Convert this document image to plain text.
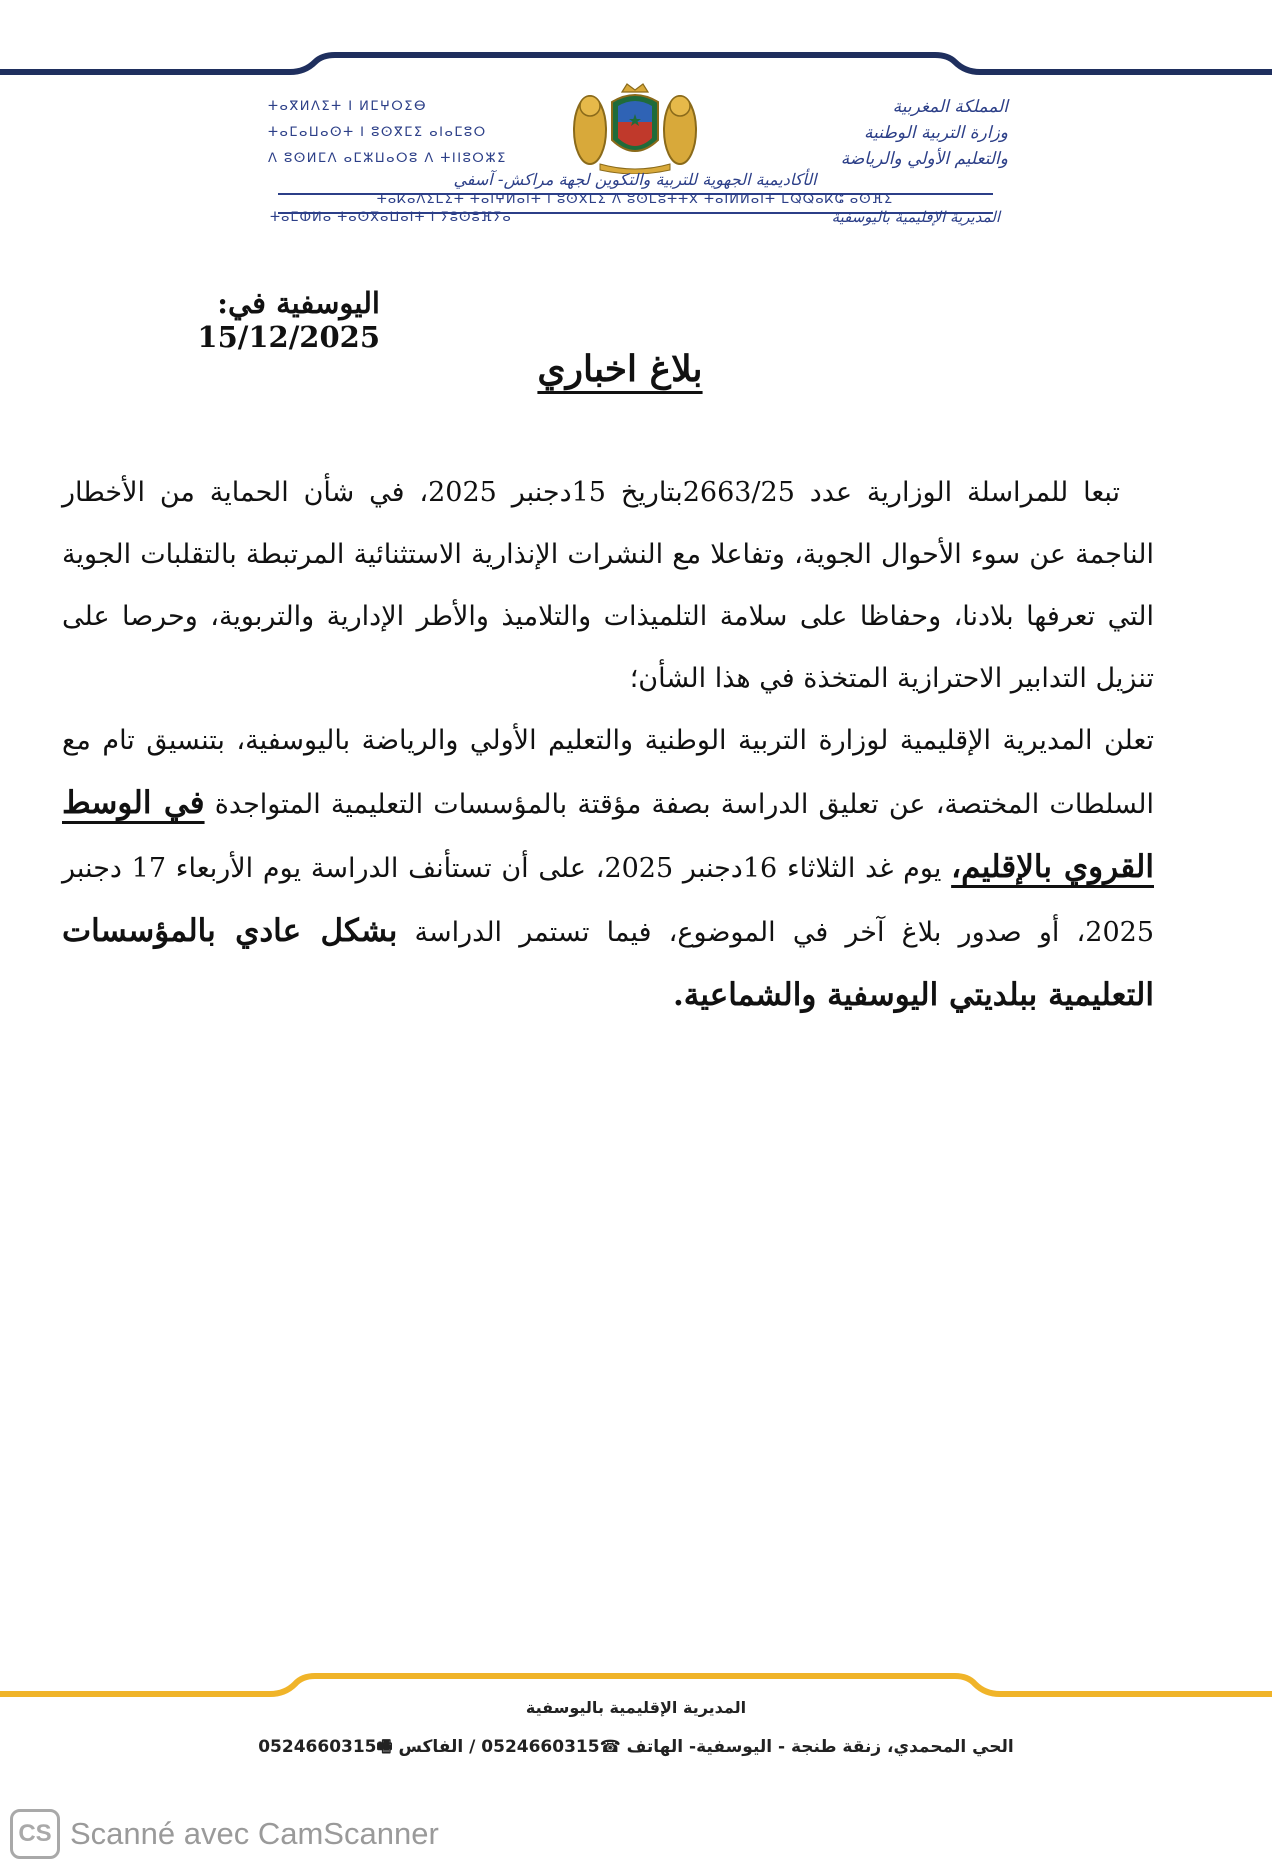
ⵜⴰⴳⵍⴷⵉⵜ ⵏ ⵍⵎⵖⵔⵉⴱ
ⵜⴰⵎⴰⵡⴰⵙⵜ ⵏ ⵓⵙⴳⵎⵉ ⴰⵏⴰⵎⵓⵔ
ⴷ ⵓⵙⵍⵎⴷ ⴰⵎⵣⵡⴰⵔⵓ ⴷ ⵜⵏⵏⵓⵔⵣⵉ
المملكة المغربية
وزارة التربية الوطنية
والتعليم الأولي والرياضة
الأكاديمية الجهوية للتربية والتكوين لجهة مراكش- آسفي
ⵜⴰⴽⴰⴷⵉⵎⵉⵜ ⵜⴰⵏⵖⵍⴰⵏⵜ ⵏ ⵓⵙⴳⵎⵉ ⴷ ⵓⵙⵎⵓⵜⵜⴳ ⵜⴰⵏⵍⵍⴰⵏⵜ ⵎⵕⵕⴰⴽⵛ ⴰⵙⴼⵉ
ⵜⴰⵎⵀⵍⴰ ⵜⴰⵙⴳⴰⵡⴰⵏⵜ ⵏ ⵢⵓⵙⵓⴼⵢⴰ	المديرية الإقليمية باليوسفية
اليوسفية في: 15/12/2025
بلاغ اخباري

تبعا للمراسلة الوزارية عدد 2663/25بتاريخ 15دجنبر 2025، في شأن الحماية من الأخطار الناجمة عن سوء الأحوال الجوية، وتفاعلا مع النشرات الإنذارية الاستثنائية المرتبطة بالتقلبات الجوية التي تعرفها بلادنا، وحفاظا على سلامة التلميذات والتلاميذ والأطر الإدارية والتربوية، وحرصا على تنزيل التدابير الاحترازية المتخذة في هذا الشأن؛

تعلن المديرية الإقليمية لوزارة التربية الوطنية والتعليم الأولي والرياضة باليوسفية، بتنسيق تام مع السلطات المختصة، عن تعليق الدراسة بصفة مؤقتة بالمؤسسات التعليمية المتواجدة في الوسط القروي بالإقليم، يوم غد الثلاثاء 16دجنبر 2025، على أن تستأنف الدراسة يوم الأربعاء 17 دجنبر 2025، أو صدور بلاغ آخر في الموضوع، فيما تستمر الدراسة بشكل عادي بالمؤسسات التعليمية ببلديتي اليوسفية والشماعية.

المديرية الإقليمية باليوسفية
الحي المحمدي، زنقة طنجة - اليوسفية- الهاتف ☎0524660315 / الفاكس 🖷0524660315
CS Scanné avec CamScanner
